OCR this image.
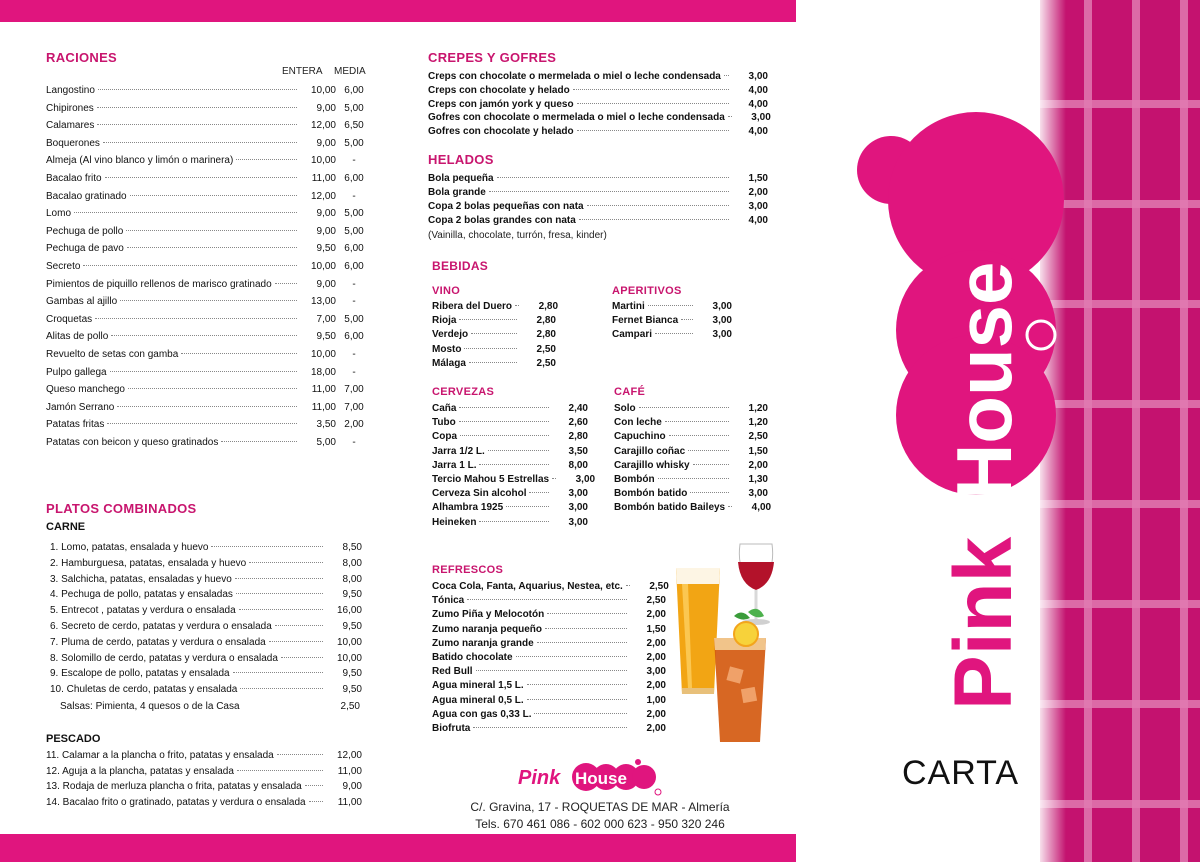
RACIONES
ENTERA MEDIA
Langostino	10,00 6,00
Chipirones	9,00 5,00
Calamares	12,00 6,50
Boquerones	9,00 5,00
Almeja (Al vino blanco y limón o marinera)	10,00	-
Bacalao frito	11,00 6,00
Bacalao gratinado	12,00	-
Lomo	9,00 5,00
Pechuga de pollo	9,00 5,00
Pechuga de pavo	9,50 6,00
Secreto	10,00 6,00
Pimientos de piquillo rellenos de marisco gratinado	9,00	-
Gambas al ajillo	13,00	-
Croquetas	7,00 5,00
Alitas de pollo	9,50 6,00
Revuelto de setas con gamba	10,00	-
Pulpo gallega	18,00	-
Queso manchego	11,00 7,00
Jamón Serrano	11,00 7,00
Patatas fritas	3,50 2,00
Patatas con beicon y queso gratinados	5,00	-
PLATOS COMBINADOS
CARNE
1. Lomo, patatas, ensalada y huevo	8,50
2. Hamburguesa, patatas, ensalada y huevo	8,00
3. Salchicha, patatas, ensaladas y huevo	8,00
4. Pechuga de pollo, patatas y ensaladas	9,50
5. Entrecot , patatas y verdura o ensalada	16,00
6. Secreto de cerdo, patatas y verdura o ensalada	9,50
7. Pluma de cerdo, patatas y verdura o ensalada	10,00
8. Solomillo de cerdo, patatas y verdura o ensalada	10,00
9. Escalope de pollo, patatas y ensalada	9,50
10. Chuletas de cerdo, patatas y ensalada	9,50
Salsas: Pimienta, 4 quesos o de la Casa	2,50
PESCADO
11. Calamar a la plancha o frito, patatas y ensalada	12,00
12. Aguja a la plancha, patatas y ensalada	11,00
13. Rodaja de merluza plancha o frita, patatas y ensalada	9,00
14. Bacalao frito o gratinado, patatas y verdura o ensalada	11,00
CREPES Y GOFRES
Creps con chocolate o mermelada o miel o leche condensada	3,00
Creps con chocolate y helado	4,00
Creps con jamón york y queso	4,00
Gofres con chocolate o mermelada o miel o leche condensada	3,00
Gofres con chocolate y helado	4,00
HELADOS
Bola pequeña	1,50
Bola grande	2,00
Copa 2 bolas pequeñas con nata	3,00
Copa 2 bolas grandes con nata	4,00
(Vainilla, chocolate, turrón, fresa, kinder)
BEBIDAS
VINO
Ribera del Duero	2,80
Rioja	2,80
Verdejo	2,80
Mosto	2,50
Málaga	2,50
APERITIVOS
Martini	3,00
Fernet Bianca	3,00
Campari	3,00
CERVEZAS
Caña	2,40
Tubo	2,60
Copa	2,80
Jarra 1/2 L.	3,50
Jarra 1 L.	8,00
Tercio Mahou 5 Estrellas	3,00
Cerveza Sin alcohol	3,00
Alhambra 1925	3,00
Heineken	3,00
CAFÉ
Solo	1,20
Con leche	1,20
Capuchino	2,50
Carajillo coñac	1,50
Carajillo whisky	2,00
Bombón	1,30
Bombón batido	3,00
Bombón batido Baileys	4,00
REFRESCOS
Coca Cola, Fanta, Aquarius, Nestea, etc.	2,50
Tónica	2,50
Zumo Piña y Melocotón	2,00
Zumo naranja pequeño	1,50
Zumo naranja grande	2,00
Batido chocolate	2,00
Red Bull	3,00
Agua mineral 1,5 L.	2,00
Agua mineral 0,5 L.	1,00
Agua con gas 0,33 L.	2,00
Biofruta	2,00
Pink House
C/. Gravina, 17 - ROQUETAS DE MAR - Almería
Tels. 670 461 086 - 602 000 623 - 950 320 246
Pink
House
CARTA
